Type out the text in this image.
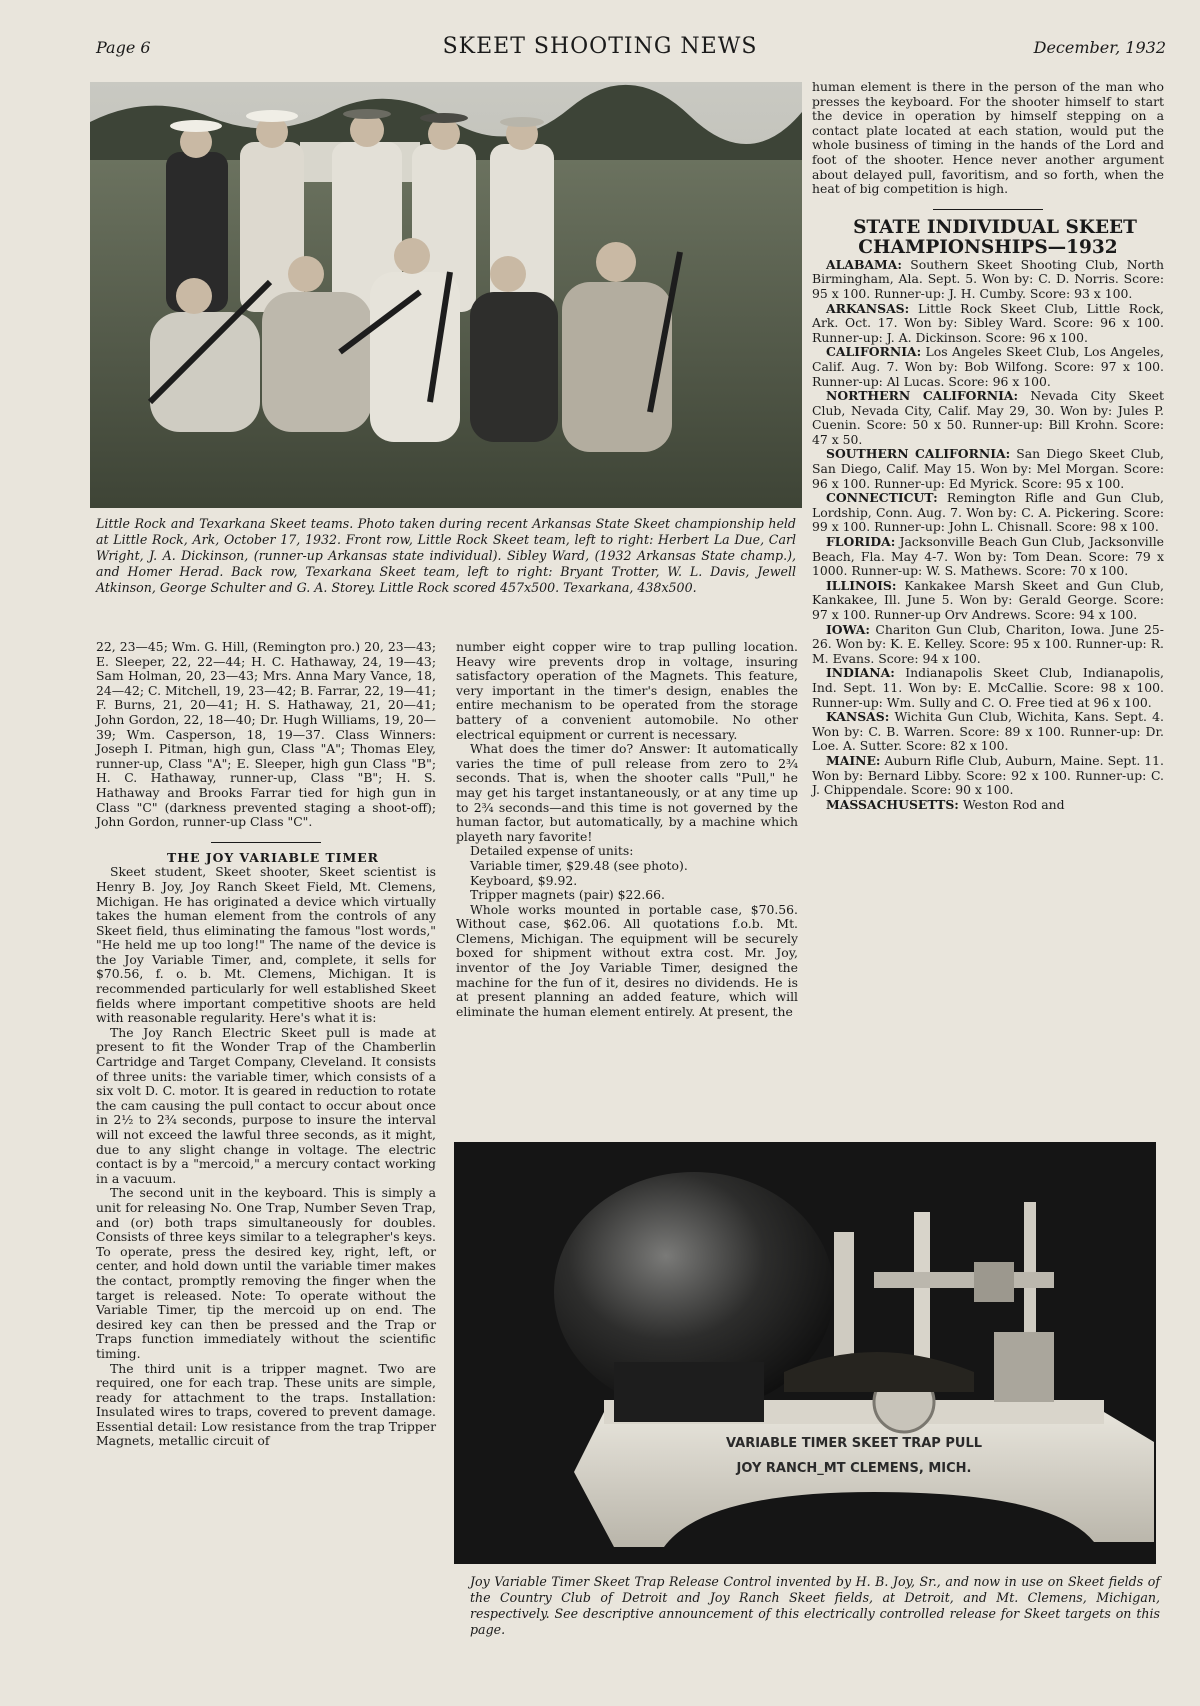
Page 6	SKEET SHOOTING NEWS	December, 1932
Little Rock and Texarkana Skeet teams. Photo taken during recent Arkansas State Skeet championship held at Little Rock, Ark, October 17, 1932. Front row, Little Rock Skeet team, left to right: Herbert La Due, Carl Wright, J. A. Dickinson, (runner-up Arkansas state individual). Sibley Ward, (1932 Arkansas State champ.), and Homer Herad. Back row, Texarkana Skeet team, left to right: Bryant Trotter, W. L. Davis, Jewell Atkinson, George Schulter and G. A. Storey. Little Rock scored 457x500. Texarkana, 438x500.

22, 23—45; Wm. G. Hill, (Remington pro.) 20, 23—43; E. Sleeper, 22, 22—44; H. C. Hathaway, 24, 19—43; Sam Holman, 20, 23—43; Mrs. Anna Mary Vance, 18, 24—42; C. Mitchell, 19, 23—42; B. Farrar, 22, 19—41; F. Burns, 21, 20—41; H. S. Hathaway, 21, 20—41; John Gordon, 22, 18—40; Dr. Hugh Williams, 19, 20—39; Wm. Casperson, 18, 19—37. Class Winners: Joseph I. Pitman, high gun, Class "A"; Thomas Eley, runner-up, Class "A"; E. Sleeper, high gun Class "B"; H. C. Hathaway, runner-up, Class "B"; H. S. Hathaway and Brooks Farrar tied for high gun in Class "C" (darkness prevented staging a shoot-off); John Gordon, runner-up Class "C".

THE JOY VARIABLE TIMER

Skeet student, Skeet shooter, Skeet scientist is Henry B. Joy, Joy Ranch Skeet Field, Mt. Clemens, Michigan. He has originated a device which virtually takes the human element from the controls of any Skeet field, thus eliminating the famous "lost words," "He held me up too long!" The name of the device is the Joy Variable Timer, and, complete, it sells for $70.56, f. o. b. Mt. Clemens, Michigan. It is recommended particularly for well established Skeet fields where important competitive shoots are held with reasonable regularity. Here's what it is:

The Joy Ranch Electric Skeet pull is made at present to fit the Wonder Trap of the Chamberlin Cartridge and Target Company, Cleveland. It consists of three units: the variable timer, which consists of a six volt D. C. motor. It is geared in reduction to rotate the cam causing the pull contact to occur about once in 2½ to 2¾ seconds, purpose to insure the interval will not exceed the lawful three seconds, as it might, due to any slight change in voltage. The electric contact is by a "mercoid," a mercury contact working in a vacuum.

The second unit in the keyboard. This is simply a unit for releasing No. One Trap, Number Seven Trap, and (or) both traps simultaneously for doubles. Consists of three keys similar to a telegrapher's keys. To operate, press the desired key, right, left, or center, and hold down until the variable timer makes the contact, promptly removing the finger when the target is released. Note: To operate without the Variable Timer, tip the mercoid up on end. The desired key can then be pressed and the Trap or Traps function immediately without the scientific timing.

The third unit is a tripper magnet. Two are required, one for each trap. These units are simple, ready for attachment to the traps. Installation: Insulated wires to traps, covered to prevent damage. Essential detail: Low resistance from the trap Tripper Magnets, metallic circuit of

number eight copper wire to trap pulling location. Heavy wire prevents drop in voltage, insuring satisfactory operation of the Magnets. This feature, very important in the timer's design, enables the entire mechanism to be operated from the storage battery of a convenient automobile. No other electrical equipment or current is necessary.

What does the timer do? Answer: It automatically varies the time of pull release from zero to 2¾ seconds. That is, when the shooter calls "Pull," he may get his target instantaneously, or at any time up to 2¾ seconds—and this time is not governed by the human factor, but automatically, by a machine which playeth nary favorite!

Detailed expense of units:

Variable timer, $29.48 (see photo).

Keyboard, $9.92.

Tripper magnets (pair) $22.66.

Whole works mounted in portable case, $70.56. Without case, $62.06. All quotations f.o.b. Mt. Clemens, Michigan. The equipment will be securely boxed for shipment without extra cost. Mr. Joy, inventor of the Joy Variable Timer, designed the machine for the fun of it, desires no dividends. He is at present planning an added feature, which will eliminate the human element entirely. At present, the

human element is there in the person of the man who presses the keyboard. For the shooter himself to start the device in operation by himself stepping on a contact plate located at each station, would put the whole business of timing in the hands of the Lord and foot of the shooter. Hence never another argument about delayed pull, favoritism, and so forth, when the heat of big competition is high.

STATE INDIVIDUAL SKEET CHAMPIONSHIPS—1932

ALABAMA: Southern Skeet Shooting Club, North Birmingham, Ala. Sept. 5. Won by: C. D. Norris. Score: 95 x 100. Runner-up: J. H. Cumby. Score: 93 x 100.

ARKANSAS: Little Rock Skeet Club, Little Rock, Ark. Oct. 17. Won by: Sibley Ward. Score: 96 x 100. Runner-up: J. A. Dickinson. Score: 96 x 100.

CALIFORNIA: Los Angeles Skeet Club, Los Angeles, Calif. Aug. 7. Won by: Bob Wilfong. Score: 97 x 100. Runner-up: Al Lucas. Score: 96 x 100.

NORTHERN CALIFORNIA: Nevada City Skeet Club, Nevada City, Calif. May 29, 30. Won by: Jules P. Cuenin. Score: 50 x 50. Runner-up: Bill Krohn. Score: 47 x 50.

SOUTHERN CALIFORNIA: San Diego Skeet Club, San Diego, Calif. May 15. Won by: Mel Morgan. Score: 96 x 100. Runner-up: Ed Myrick. Score: 95 x 100.

CONNECTICUT: Remington Rifle and Gun Club, Lordship, Conn. Aug. 7. Won by: C. A. Pickering. Score: 99 x 100. Runner-up: John L. Chisnall. Score: 98 x 100.

FLORIDA: Jacksonville Beach Gun Club, Jacksonville Beach, Fla. May 4-7. Won by: Tom Dean. Score: 79 x 1000. Runner-up: W. S. Mathews. Score: 70 x 100.

ILLINOIS: Kankakee Marsh Skeet and Gun Club, Kankakee, Ill. June 5. Won by: Gerald George. Score: 97 x 100. Runner-up Orv Andrews. Score: 94 x 100.

IOWA: Chariton Gun Club, Chariton, Iowa. June 25-26. Won by: K. E. Kelley. Score: 95 x 100. Runner-up: R. M. Evans. Score: 94 x 100.

INDIANA: Indianapolis Skeet Club, Indianapolis, Ind. Sept. 11. Won by: E. McCallie. Score: 98 x 100. Runner-up: Wm. Sully and C. O. Free tied at 96 x 100.

KANSAS: Wichita Gun Club, Wichita, Kans. Sept. 4. Won by: C. B. Warren. Score: 89 x 100. Runner-up: Dr. Loe. A. Sutter. Score: 82 x 100.

MAINE: Auburn Rifle Club, Auburn, Maine. Sept. 11. Won by: Bernard Libby. Score: 92 x 100. Runner-up: C. J. Chippendale. Score: 90 x 100.

MASSACHUSETTS: Weston Rod and

VARIABLE TIMER SKEET TRAP PULL
JOY RANCH_MT CLEMENS, MICH.
Joy Variable Timer Skeet Trap Release Control invented by H. B. Joy, Sr., and now in use on Skeet fields of the Country Club of Detroit and Joy Ranch Skeet fields, at Detroit, and Mt. Clemens, Michigan, respectively. See descriptive announcement of this electrically controlled release for Skeet targets on this page.
